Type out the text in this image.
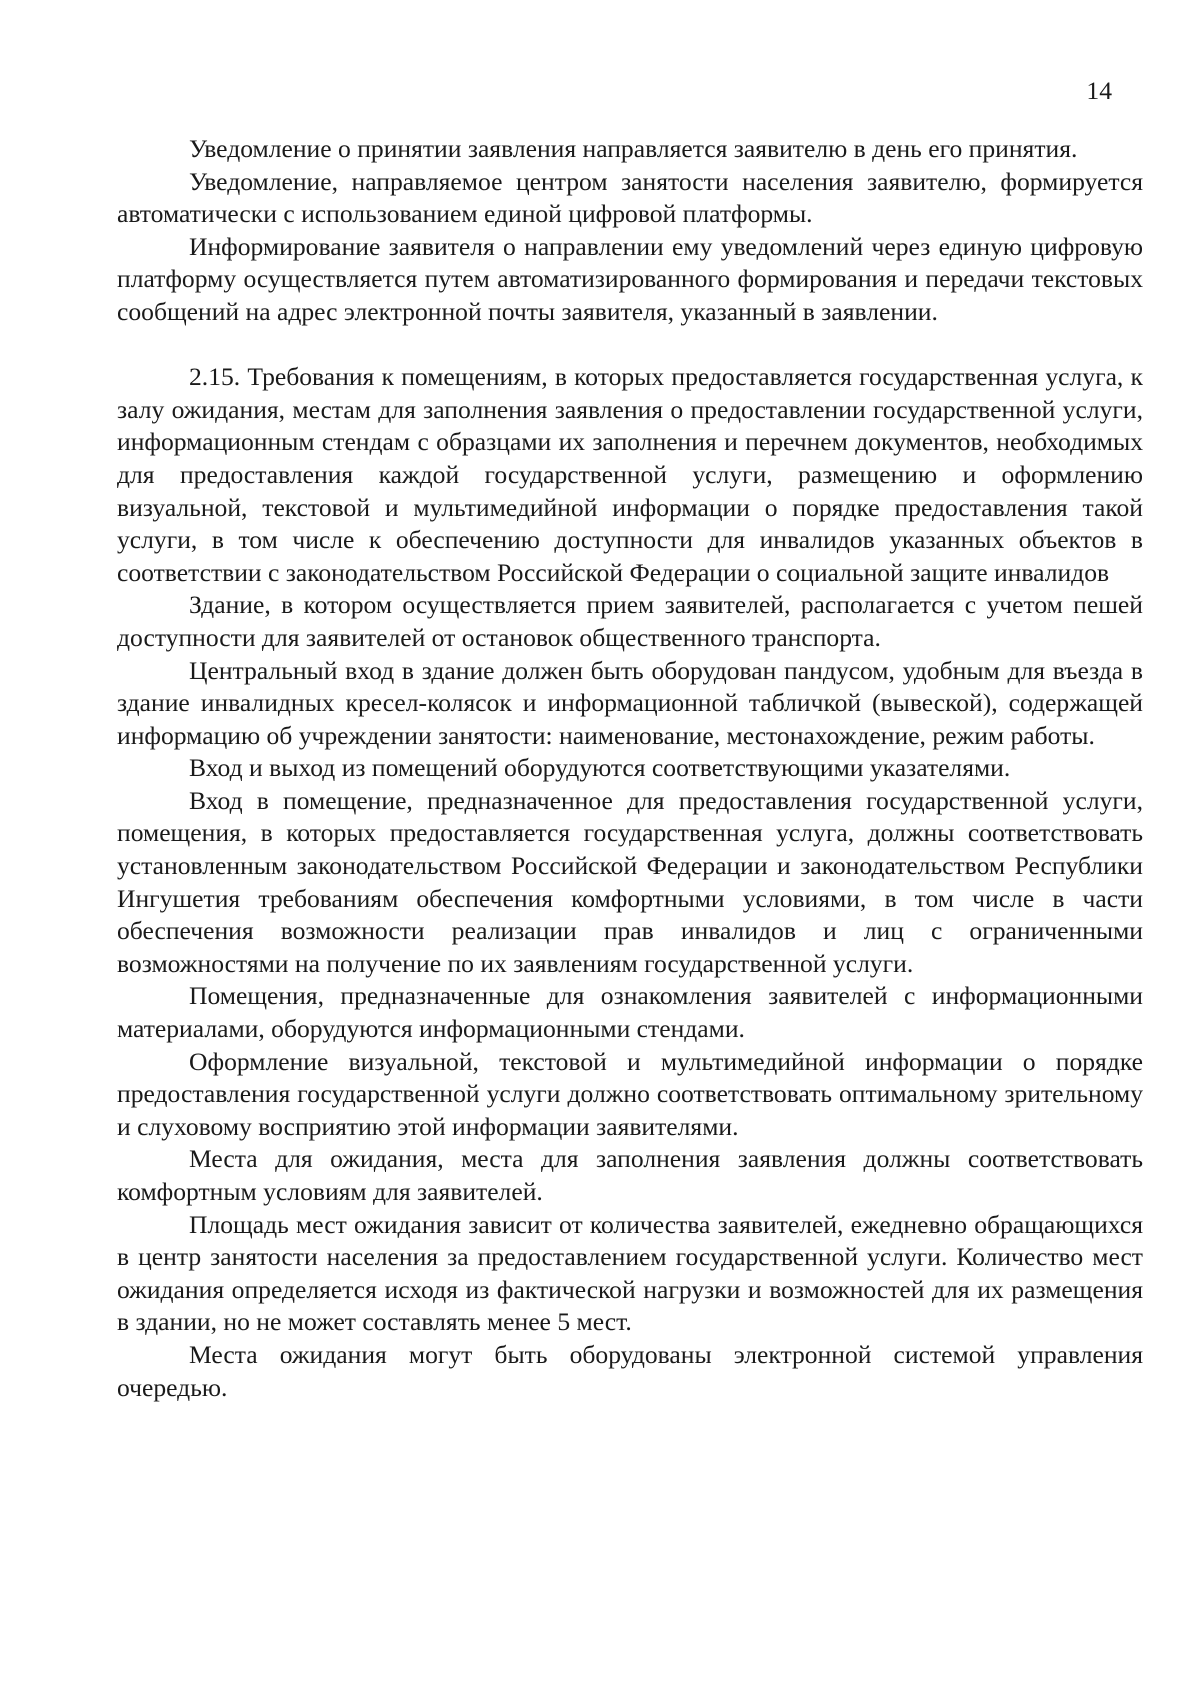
14

Уведомление о принятии заявления направляется заявителю в день его принятия.

Уведомление, направляемое центром занятости населения заявителю, формируется автоматически с использованием единой цифровой платформы.

Информирование заявителя о направлении ему уведомлений через единую цифровую платформу осуществляется путем автоматизированного формирования и передачи текстовых сообщений на адрес электронной почты заявителя, указанный в заявлении.

2.15. Требования к помещениям, в которых предоставляется государственная услуга, к залу ожидания, местам для заполнения заявления о предоставлении государственной услуги, информационным стендам с образцами их заполнения и перечнем документов, необходимых для предоставления каждой государственной услуги, размещению и оформлению визуальной, текстовой и мультимедийной информации о порядке предоставления такой услуги, в том числе к обеспечению доступности для инвалидов указанных объектов в соответствии с законодательством Российской Федерации о социальной защите инвалидов

Здание, в котором осуществляется прием заявителей, располагается с учетом пешей доступности для заявителей от остановок общественного транспорта.

Центральный вход в здание должен быть оборудован пандусом, удобным для въезда в здание инвалидных кресел-колясок и информационной табличкой (вывеской), содержащей информацию об учреждении занятости: наименование, местонахождение, режим работы.

Вход и выход из помещений оборудуются соответствующими указателями.

Вход в помещение, предназначенное для предоставления государственной услуги, помещения, в которых предоставляется государственная услуга, должны соответствовать установленным законодательством Российской Федерации и законодательством Республики Ингушетия требованиям обеспечения комфортными условиями, в том числе в части обеспечения возможности реализации прав инвалидов и лиц с ограниченными возможностями на получение по их заявлениям государственной услуги.

Помещения, предназначенные для ознакомления заявителей с информационными материалами, оборудуются информационными стендами.

Оформление визуальной, текстовой и мультимедийной информации о порядке предоставления государственной услуги должно соответствовать оптимальному зрительному и слуховому восприятию этой информации заявителями.

Места для ожидания, места для заполнения заявления должны соответствовать комфортным условиям для заявителей.

Площадь мест ожидания зависит от количества заявителей, ежедневно обращающихся в центр занятости населения за предоставлением государственной услуги. Количество мест ожидания определяется исходя из фактической нагрузки и возможностей для их размещения в здании, но не может составлять менее 5 мест.

Места ожидания могут быть оборудованы электронной системой управления очередью.
